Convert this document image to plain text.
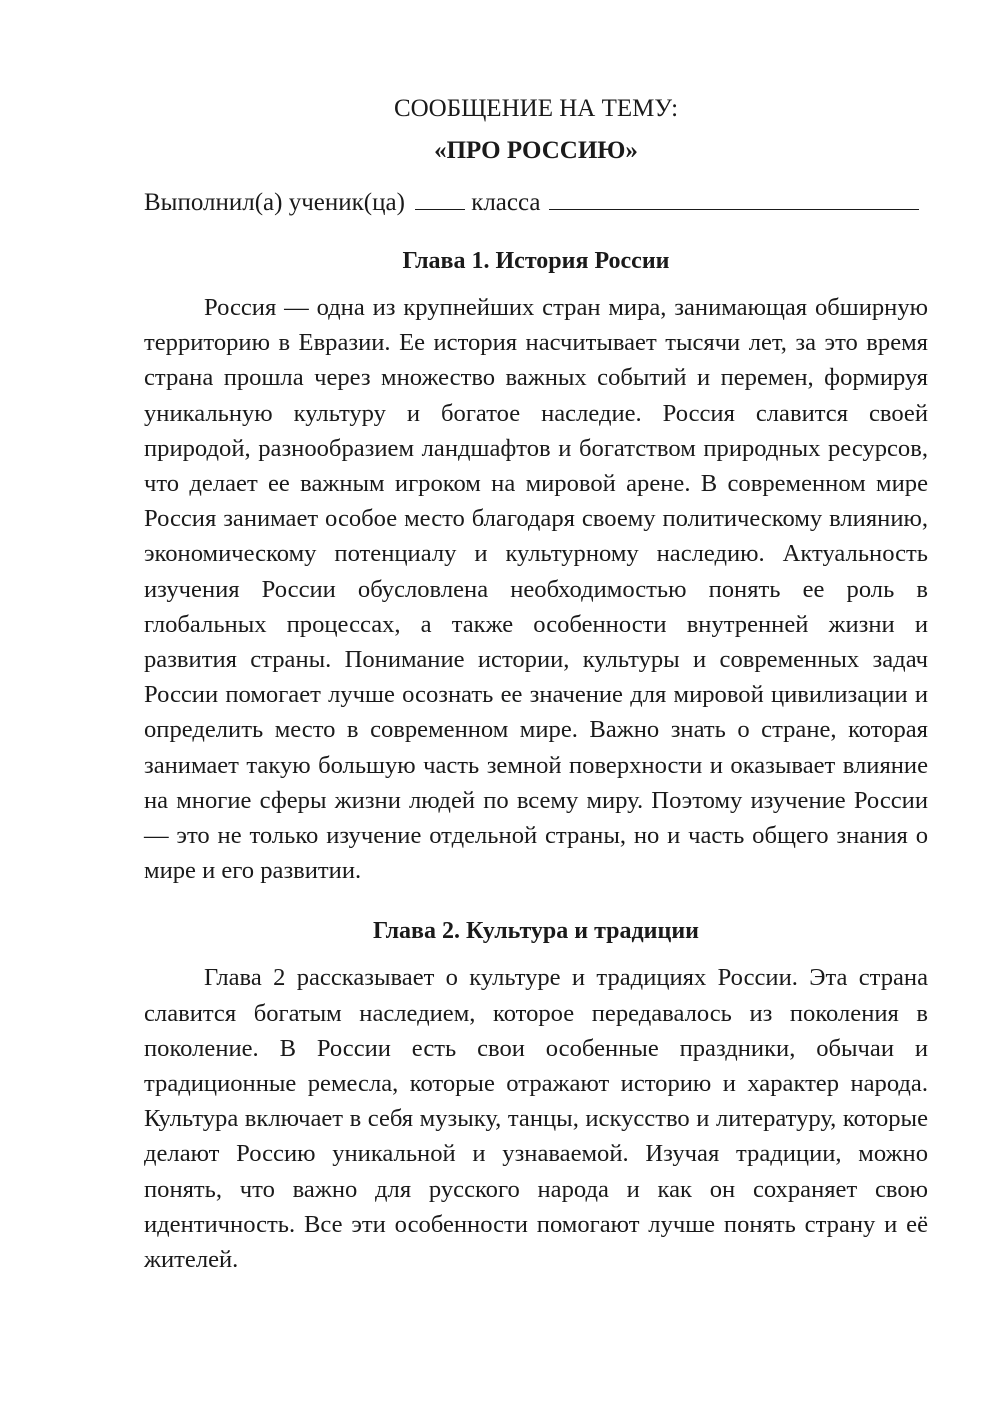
СООБЩЕНИЕ НА ТЕМУ:

«ПРО РОССИЮ»

Выполнил(а) ученик(ца)	класса

Глава 1. История России

Россия — одна из крупнейших стран мира, занимающая обширную территорию в Евразии. Ее история насчитывает тысячи лет, за это время страна прошла через множество важных событий и перемен, формируя уникальную культуру и богатое наследие. Россия славится своей природой, разнообразием ландшафтов и богатством природных ресурсов, что делает ее важным игроком на мировой арене. В современном мире Россия занимает особое место благодаря своему политическому влиянию, экономическому потенциалу и культурному наследию. Актуальность изучения России обусловлена необходимостью понять ее роль в глобальных процессах, а также особенности внутренней жизни и развития страны. Понимание истории, культуры и современных задач России помогает лучше осознать ее значение для мировой цивилизации и определить место в современном мире. Важно знать о стране, которая занимает такую большую часть земной поверхности и оказывает влияние на многие сферы жизни людей по всему миру. Поэтому изучение России — это не только изучение отдельной страны, но и часть общего знания о мире и его развитии.

Глава 2. Культура и традиции

Глава 2 рассказывает о культуре и традициях России. Эта страна славится богатым наследием, которое передавалось из поколения в поколение. В России есть свои особенные праздники, обычаи и традиционные ремесла, которые отражают историю и характер народа. Культура включает в себя музыку, танцы, искусство и литературу, которые делают Россию уникальной и узнаваемой. Изучая традиции, можно понять, что важно для русского народа и как он сохраняет свою идентичность. Все эти особенности помогают лучше понять страну и её жителей.
